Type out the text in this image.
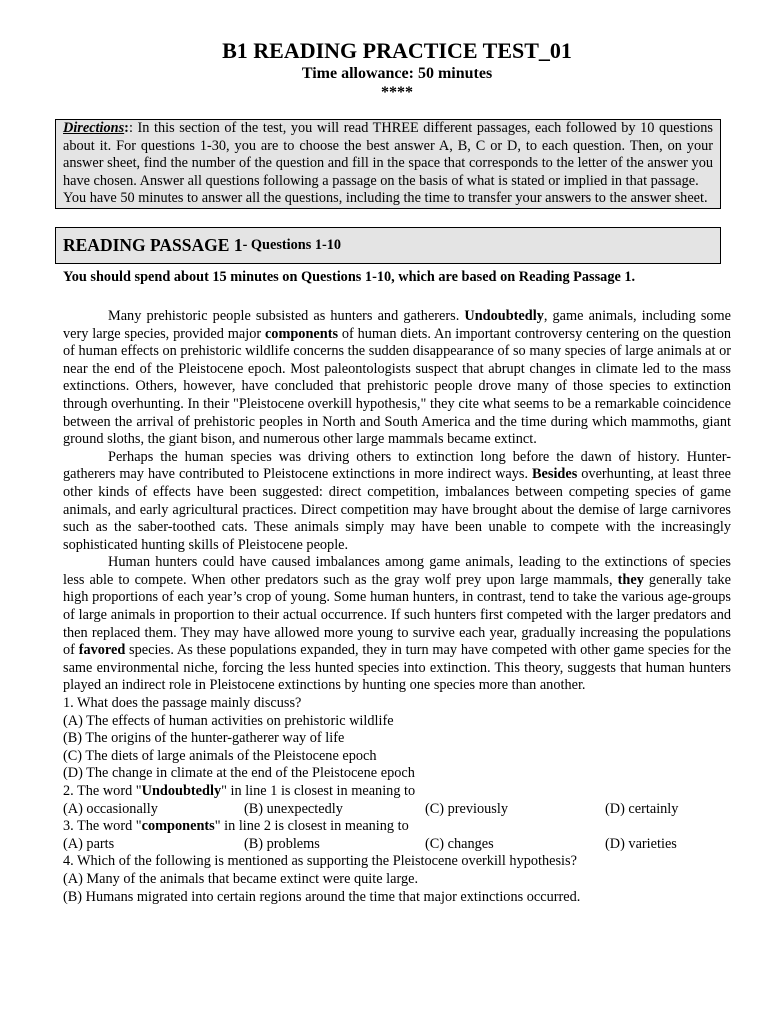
B1 READING PRACTICE TEST_01
Time allowance: 50 minutes
****
Directions:: In this section of the test, you will read THREE different passages, each followed by 10 questions about it. For questions 1-30, you are to choose the best answer A, B, C or D, to each question. Then, on your answer sheet, find the number of the question and fill in the space that corresponds to the letter of the answer you have chosen. Answer all questions following a passage on the basis of what is stated or implied in that passage.
You have 50 minutes to answer all the questions, including the time to transfer your answers to the answer sheet.
READING PASSAGE 1 - Questions 1-10
You should spend about 15 minutes on Questions 1-10, which are based on Reading Passage 1.

Many prehistoric people subsisted as hunters and gatherers. Undoubtedly, game animals, including some very large species, provided major components of human diets. An important controversy centering on the question of human effects on prehistoric wildlife concerns the sudden disappearance of so many species of large animals at or near the end of the Pleistocene epoch. Most paleontologists suspect that abrupt changes in climate led to the mass extinctions. Others, however, have concluded that prehistoric people drove many of those species to extinction through overhunting. In their "Pleistocene overkill hypothesis," they cite what seems to be a remarkable coincidence between the arrival of prehistoric peoples in North and South America and the time during which mammoths, giant ground sloths, the giant bison, and numerous other large mammals became extinct.

Perhaps the human species was driving others to extinction long before the dawn of history. Hunter-gatherers may have contributed to Pleistocene extinctions in more indirect ways. Besides overhunting, at least three other kinds of effects have been suggested: direct competition, imbalances between competing species of game animals, and early agricultural practices. Direct competition may have brought about the demise of large carnivores such as the saber-toothed cats. These animals simply may have been unable to compete with the increasingly sophisticated hunting skills of Pleistocene people.

Human hunters could have caused imbalances among game animals, leading to the extinctions of species less able to compete. When other predators such as the gray wolf prey upon large mammals, they generally take high proportions of each year’s crop of young. Some human hunters, in contrast, tend to take the various age-groups of large animals in proportion to their actual occurrence. If such hunters first competed with the larger predators and then replaced them. They may have allowed more young to survive each year, gradually increasing the populations of favored species. As these populations expanded, they in turn may have competed with other game species for the same environmental niche, forcing the less hunted species into extinction. This theory, suggests that human hunters played an indirect role in Pleistocene extinctions by hunting one species more than another.

1. What does the passage mainly discuss?
(A) The effects of human activities on prehistoric wildlife
(B) The origins of the hunter-gatherer way of life
(C) The diets of large animals of the Pleistocene epoch
(D) The change in climate at the end of the Pleistocene epoch
2. The word "Undoubtedly" in line 1 is closest in meaning to
(A) occasionally	(B) unexpectedly	(C) previously	(D) certainly
3. The word "components" in line 2 is closest in meaning to
(A) parts	(B) problems	(C) changes	(D) varieties
4. Which of the following is mentioned as supporting the Pleistocene overkill hypothesis?
(A) Many of the animals that became extinct were quite large.
(B) Humans migrated into certain regions around the time that major extinctions occurred.
